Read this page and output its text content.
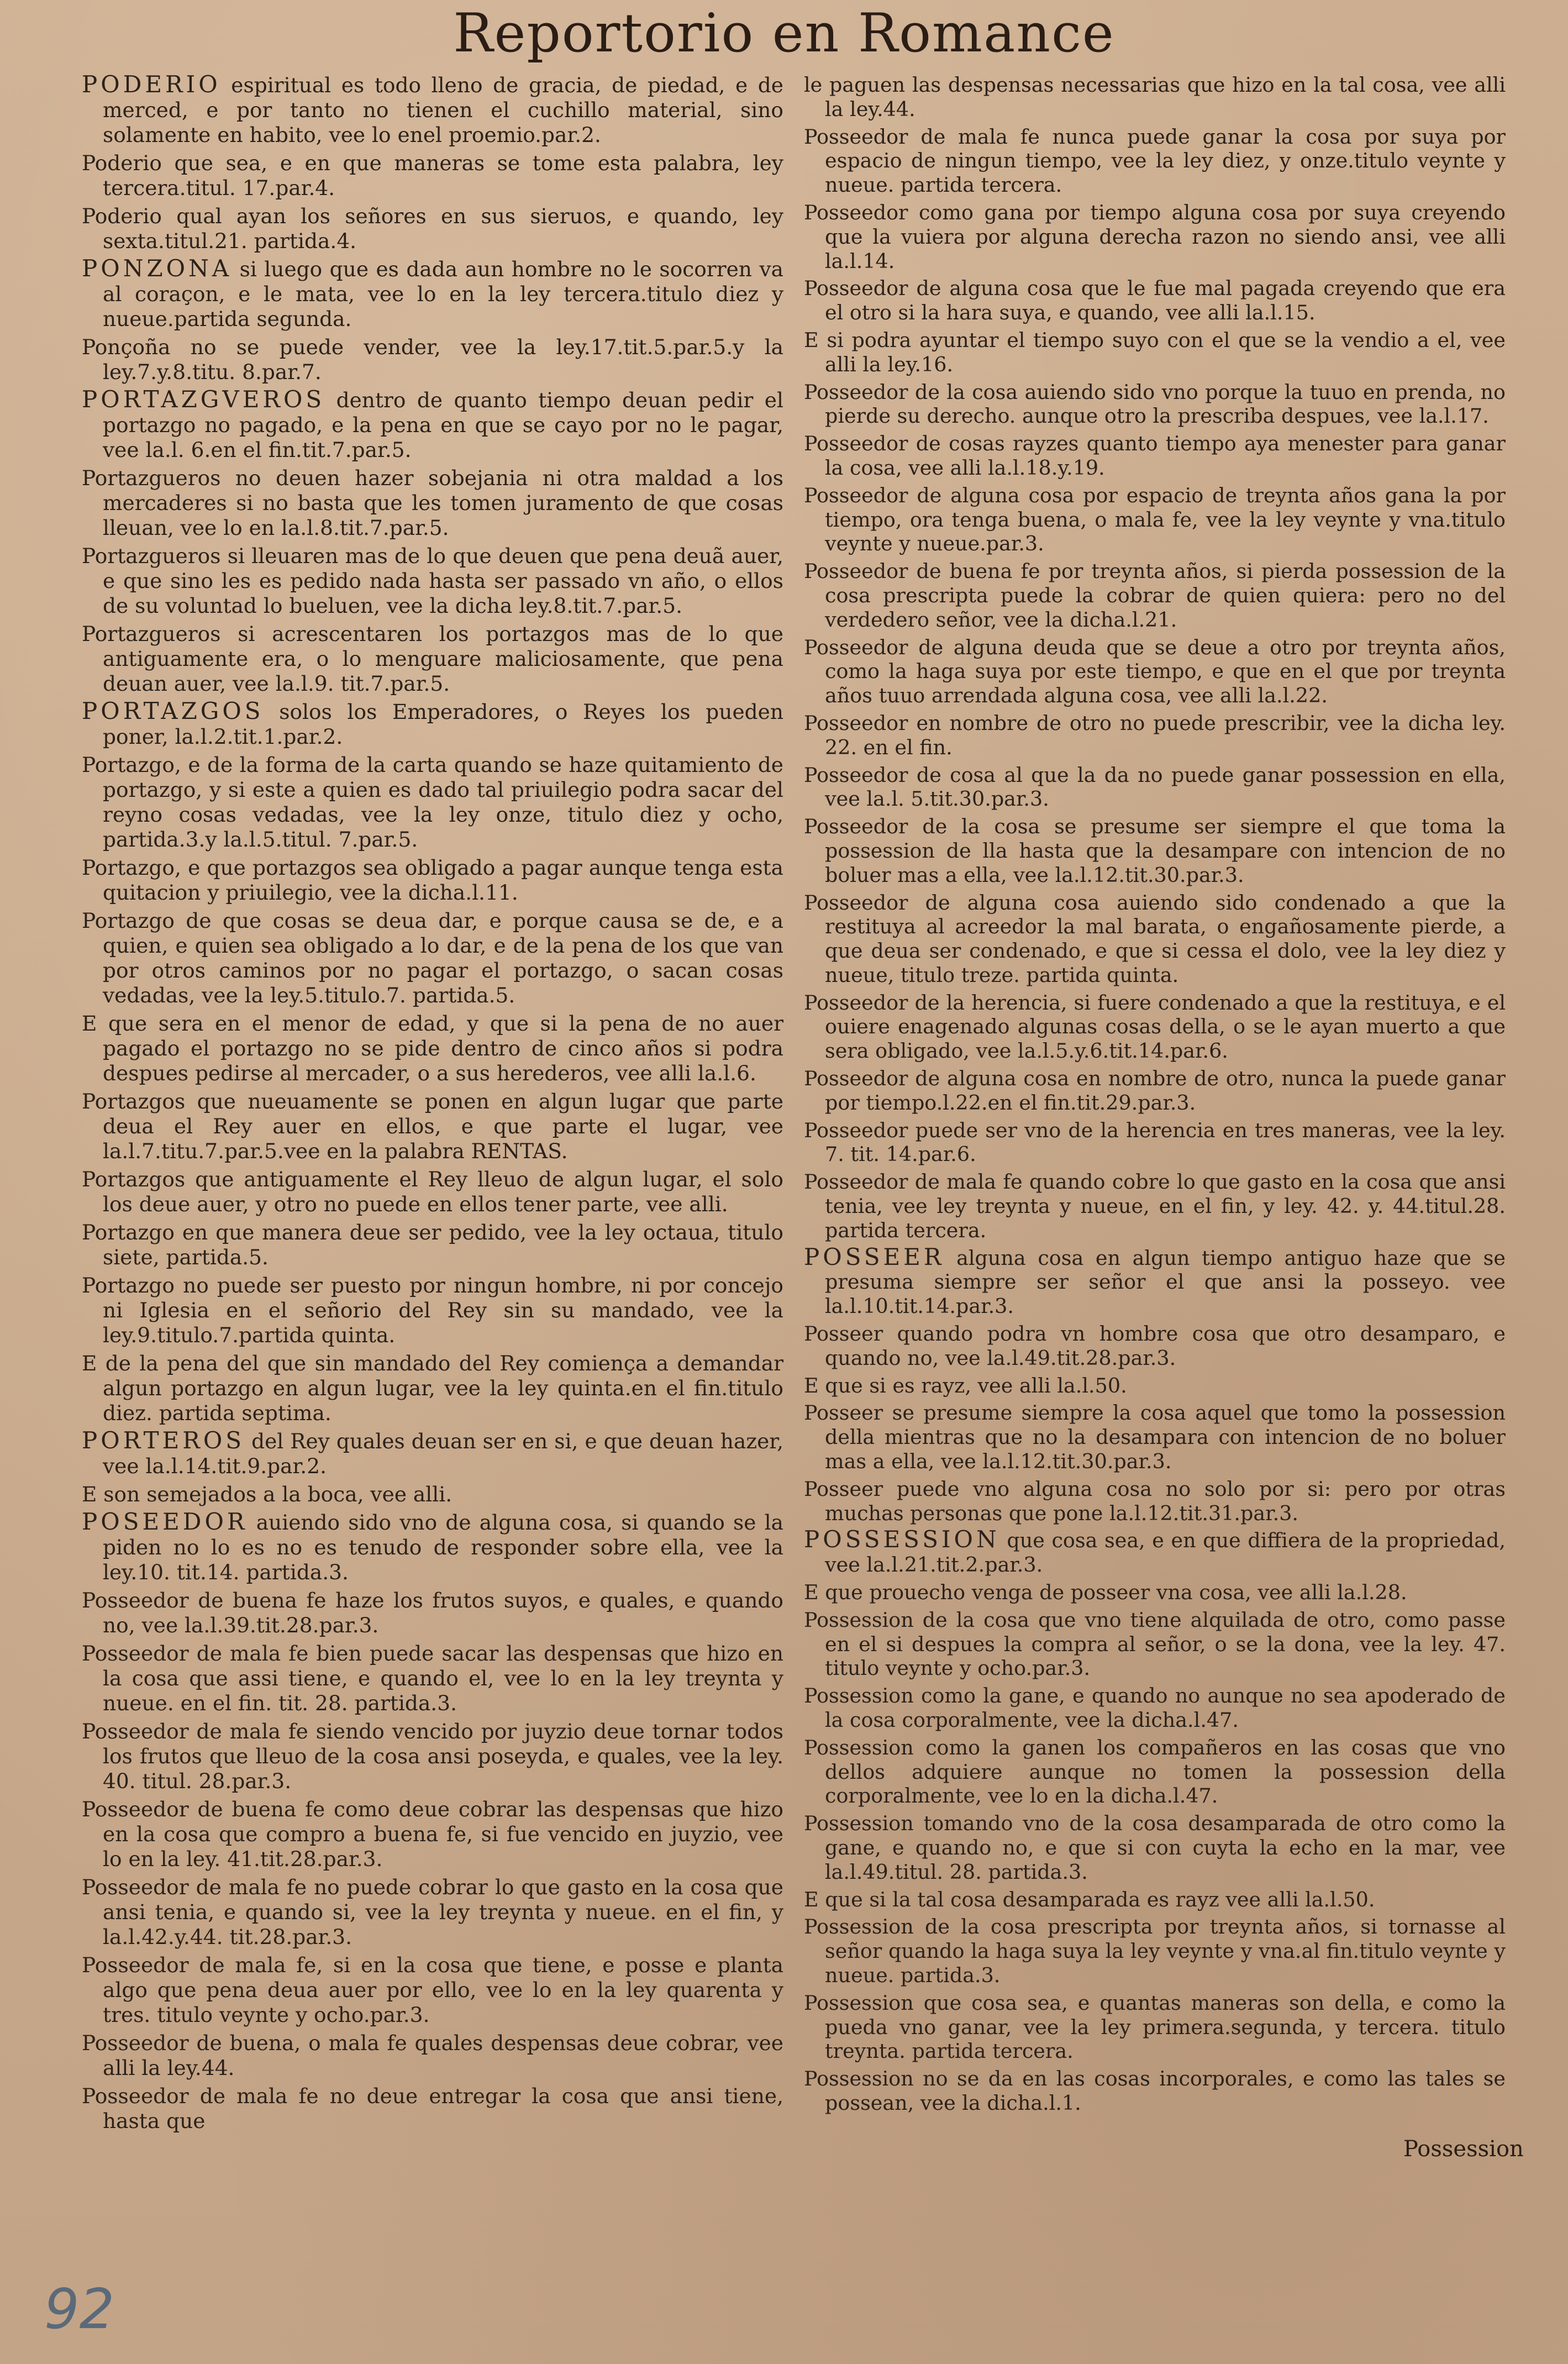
Reportorio en Romance
PODERIO espiritual es todo lleno de gracia, de piedad, e de merced, e por tanto no tienen el cuchillo material, sino solamente en habito, vee lo enel proemio.par.2.
Poderio que sea, e en que maneras se tome esta palabra, ley tercera.titul. 17.par.4.
Poderio qual ayan los señores en sus sieruos, e quando, ley sexta.titul.21. partida.4.
PONZONA si luego que es dada aun hombre no le socorren va al coraçon, e le mata, vee lo en la ley tercera.titulo diez y nueue.partida segunda.
Ponçoña no se puede vender, vee la ley.17.tit.5.par.5.y la ley.7.y.8.titu. 8.par.7.
PORTAZGVEROS dentro de quanto tiempo deuan pedir el portazgo no pagado, e la pena en que se cayo por no le pagar, vee la.l. 6.en el fin.tit.7.par.5.
Portazgueros no deuen hazer sobejania ni otra maldad a los mercaderes si no basta que les tomen juramento de que cosas lleuan, vee lo en la.l.8.tit.7.par.5.
Portazgueros si lleuaren mas de lo que deuen que pena deuã auer, e que sino les es pedido nada hasta ser passado vn año, o ellos de su voluntad lo bueluen, vee la dicha ley.8.tit.7.par.5.
Portazgueros si acrescentaren los portazgos mas de lo que antiguamente era, o lo menguare maliciosamente, que pena deuan auer, vee la.l.9. tit.7.par.5.
PORTAZGOS solos los Emperadores, o Reyes los pueden poner, la.l.2.tit.1.par.2.
Portazgo, e de la forma de la carta quando se haze quitamiento de portazgo, y si este a quien es dado tal priuilegio podra sacar del reyno cosas vedadas, vee la ley onze, titulo diez y ocho, partida.3.y la.l.5.titul. 7.par.5.
Portazgo, e que portazgos sea obligado a pagar aunque tenga esta quitacion y priuilegio, vee la dicha.l.11.
Portazgo de que cosas se deua dar, e porque causa se de, e a quien, e quien sea obligado a lo dar, e de la pena de los que van por otros caminos por no pagar el portazgo, o sacan cosas vedadas, vee la ley.5.titulo.7. partida.5.
E que sera en el menor de edad, y que si la pena de no auer pagado el portazgo no se pide dentro de cinco años si podra despues pedirse al mercader, o a sus herederos, vee alli la.l.6.
Portazgos que nueuamente se ponen en algun lugar que parte deua el Rey auer en ellos, e que parte el lugar, vee la.l.7.titu.7.par.5.vee en la palabra RENTAS.
Portazgos que antiguamente el Rey lleuo de algun lugar, el solo los deue auer, y otro no puede en ellos tener parte, vee alli.
Portazgo en que manera deue ser pedido, vee la ley octaua, titulo siete, partida.5.
Portazgo no puede ser puesto por ningun hombre, ni por concejo ni Iglesia en el señorio del Rey sin su mandado, vee la ley.9.titulo.7.partida quinta.
E de la pena del que sin mandado del Rey comiença a demandar algun portazgo en algun lugar, vee la ley quinta.en el fin.titulo diez. partida septima.
PORTEROS del Rey quales deuan ser en si, e que deuan hazer, vee la.l.14.tit.9.par.2.
E son semejados a la boca, vee alli.
POSEEDOR auiendo sido vno de alguna cosa, si quando se la piden no lo es no es tenudo de responder sobre ella, vee la ley.10. tit.14. partida.3.
Posseedor de buena fe haze los frutos suyos, e quales, e quando no, vee la.l.39.tit.28.par.3.
Posseedor de mala fe bien puede sacar las despensas que hizo en la cosa que assi tiene, e quando el, vee lo en la ley treynta y nueue. en el fin. tit. 28. partida.3.
Posseedor de mala fe siendo vencido por juyzio deue tornar todos los frutos que lleuo de la cosa ansi poseyda, e quales, vee la ley. 40. titul. 28.par.3.
Posseedor de buena fe como deue cobrar las despensas que hizo en la cosa que compro a buena fe, si fue vencido en juyzio, vee lo en la ley. 41.tit.28.par.3.
Posseedor de mala fe no puede cobrar lo que gasto en la cosa que ansi tenia, e quando si, vee la ley treynta y nueue. en el fin, y la.l.42.y.44. tit.28.par.3.
Posseedor de mala fe, si en la cosa que tiene, e posse e planta algo que pena deua auer por ello, vee lo en la ley quarenta y tres. titulo veynte y ocho.par.3.
Posseedor de buena, o mala fe quales despensas deue cobrar, vee alli la ley.44.
Posseedor de mala fe no deue entregar la cosa que ansi tiene, hasta que
le paguen las despensas necessarias que hizo en la tal cosa, vee alli la ley.44.
Posseedor de mala fe nunca puede ganar la cosa por suya por espacio de ningun tiempo, vee la ley diez, y onze.titulo veynte y nueue. partida tercera.
Posseedor como gana por tiempo alguna cosa por suya creyendo que la vuiera por alguna derecha razon no siendo ansi, vee alli la.l.14.
Posseedor de alguna cosa que le fue mal pagada creyendo que era el otro si la hara suya, e quando, vee alli la.l.15.
E si podra ayuntar el tiempo suyo con el que se la vendio a el, vee alli la ley.16.
Posseedor de la cosa auiendo sido vno porque la tuuo en prenda, no pierde su derecho. aunque otro la prescriba despues, vee la.l.17.
Posseedor de cosas rayzes quanto tiempo aya menester para ganar la cosa, vee alli la.l.18.y.19.
Posseedor de alguna cosa por espacio de treynta años gana la por tiempo, ora tenga buena, o mala fe, vee la ley veynte y vna.titulo veynte y nueue.par.3.
Posseedor de buena fe por treynta años, si pierda possession de la cosa prescripta puede la cobrar de quien quiera: pero no del verdedero señor, vee la dicha.l.21.
Posseedor de alguna deuda que se deue a otro por treynta años, como la haga suya por este tiempo, e que en el que por treynta años tuuo arrendada alguna cosa, vee alli la.l.22.
Posseedor en nombre de otro no puede prescribir, vee la dicha ley. 22. en el fin.
Posseedor de cosa al que la da no puede ganar possession en ella, vee la.l. 5.tit.30.par.3.
Posseedor de la cosa se presume ser siempre el que toma la possession de lla hasta que la desampare con intencion de no boluer mas a ella, vee la.l.12.tit.30.par.3.
Posseedor de alguna cosa auiendo sido condenado a que la restituya al acreedor la mal barata, o engañosamente pierde, a que deua ser condenado, e que si cessa el dolo, vee la ley diez y nueue, titulo treze. partida quinta.
Posseedor de la herencia, si fuere condenado a que la restituya, e el ouiere enagenado algunas cosas della, o se le ayan muerto a que sera obligado, vee la.l.5.y.6.tit.14.par.6.
Posseedor de alguna cosa en nombre de otro, nunca la puede ganar por tiempo.l.22.en el fin.tit.29.par.3.
Posseedor puede ser vno de la herencia en tres maneras, vee la ley. 7. tit. 14.par.6.
Posseedor de mala fe quando cobre lo que gasto en la cosa que ansi tenia, vee ley treynta y nueue, en el fin, y ley. 42. y. 44.titul.28. partida tercera.
POSSEER alguna cosa en algun tiempo antiguo haze que se presuma siempre ser señor el que ansi la posseyo. vee la.l.10.tit.14.par.3.
Posseer quando podra vn hombre cosa que otro desamparo, e quando no, vee la.l.49.tit.28.par.3.
E que si es rayz, vee alli la.l.50.
Posseer se presume siempre la cosa aquel que tomo la possession della mientras que no la desampara con intencion de no boluer mas a ella, vee la.l.12.tit.30.par.3.
Posseer puede vno alguna cosa no solo por si: pero por otras muchas personas que pone la.l.12.tit.31.par.3.
POSSESSION que cosa sea, e en que diffiera de la propriedad, vee la.l.21.tit.2.par.3.
E que prouecho venga de posseer vna cosa, vee alli la.l.28.
Possession de la cosa que vno tiene alquilada de otro, como passe en el si despues la compra al señor, o se la dona, vee la ley. 47. titulo veynte y ocho.par.3.
Possession como la gane, e quando no aunque no sea apoderado de la cosa corporalmente, vee la dicha.l.47.
Possession como la ganen los compañeros en las cosas que vno dellos adquiere aunque no tomen la possession della corporalmente, vee lo en la dicha.l.47.
Possession tomando vno de la cosa desamparada de otro como la gane, e quando no, e que si con cuyta la echo en la mar, vee la.l.49.titul. 28. partida.3.
E que si la tal cosa desamparada es rayz vee alli la.l.50.
Possession de la cosa prescripta por treynta años, si tornasse al señor quando la haga suya la ley veynte y vna.al fin.titulo veynte y nueue. partida.3.
Possession que cosa sea, e quantas maneras son della, e como la pueda vno ganar, vee la ley primera.segunda, y tercera. titulo treynta. partida tercera.
Possession no se da en las cosas incorporales, e como las tales se possean, vee la dicha.l.1.
Possession
92
